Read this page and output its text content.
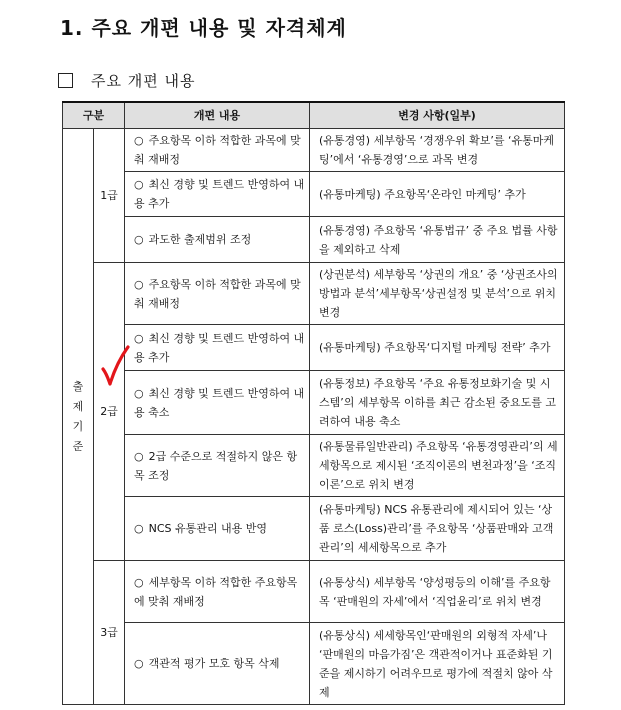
1. 주요 개편 내용 및 자격체계
주요 개편 내용
구분		개편 내용	변경 사항(일부)

출
제
기
준	1급	○ 주요항목 이하 적합한 과목에 맞춰 재배정	(유통경영) 세부항목 ‘경쟁우위 확보’를 ‘유통마케팅’에서 ‘유통경영’으로 과목 변경
		○ 최신 경향 및 트렌드 반영하여 내용 추가	(유통마케팅) 주요항목‘온라인 마케팅’ 추가
		○ 과도한 출제범위 조정	(유통경영) 주요항목 ‘유통법규’ 중 주요 법률 사항을 제외하고 삭제
	2급	○ 주요항목 이하 적합한 과목에 맞춰 재배정	(상권분석) 세부항목 ‘상권의 개요’ 중 ‘상권조사의 방법과 분석’세부항목‘상권설정 및 분석’으로 위치 변경
		○ 최신 경향 및 트렌드 반영하여 내용 추가	(유통마케팅) 주요항목‘디지털 마케팅 전략’ 추가
		○ 최신 경향 및 트렌드 반영하여 내용 축소	(유통정보) 주요항목 ‘주요 유통정보화기술 및 시스템’의 세부항목 이하를 최근 감소된 중요도를 고려하여 내용 축소
		○ 2급 수준으로 적절하지 않은 항목 조정	(유통물류일반관리) 주요항목 ‘유통경영관리’의 세세항목으로 제시된 ‘조직이론의 변천과정’을 ‘조직이론’으로 위치 변경
		○ NCS 유통관리 내용 반영	(유통마케팅) NCS 유통관리에 제시되어 있는 ‘상품 로스(Loss)관리’를 주요항목 ‘상품판매와 고객관리’의 세세항목으로 추가
	3급	○ 세부항목 이하 적합한 주요항목에 맞춰 재배정	(유통상식) 세부항목 ‘양성평등의 이해’를 주요항목 ‘판매원의 자세’에서 ‘직업윤리’로 위치 변경
		○ 객관적 평가 모호 항목 삭제	(유통상식) 세세항목인‘판매원의 외형적 자세’나 ‘판매원의 마음가짐’은 객관적이거나 표준화된 기준을 제시하기 어려우므로 평가에 적절치 않아 삭제
